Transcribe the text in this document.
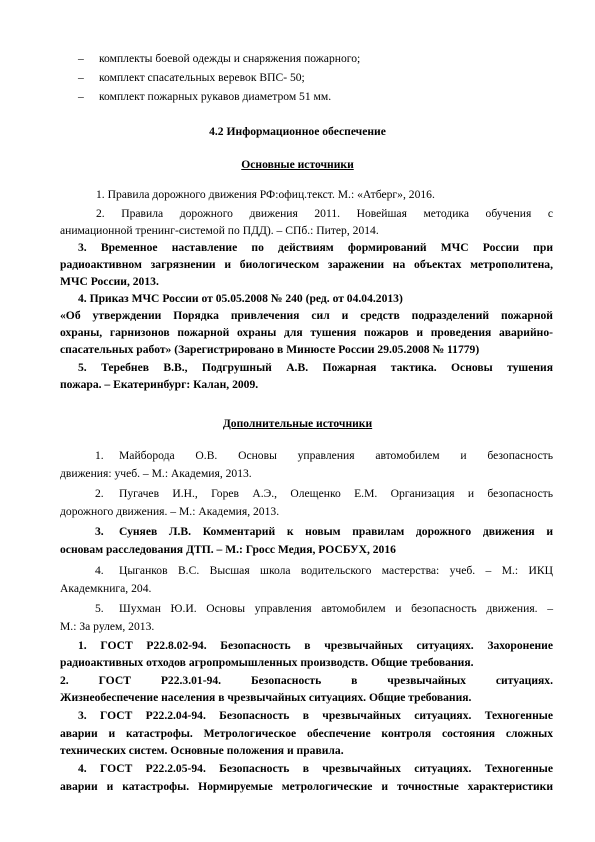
– комплекты боевой одежды и снаряжения пожарного;
– комплект спасательных веревок ВПС- 50;
– комплект пожарных рукавов диаметром 51 мм.
4.2 Информационное обеспечение
Основные источники
1. Правила дорожного движения РФ:офиц.текст. М.: «Атберг», 2016.
2. Правила дорожного движения 2011. Новейшая методика обучения с
анимационной тренинг-системой по ПДД). – СПб.: Питер, 2014.
3. Временное наставление по действиям формирований МЧС России при
радиоактивном загрязнении и биологическом заражении на объектах метрополитена,
МЧС России, 2013.
4. Приказ МЧС России от 05.05.2008 № 240 (ред. от 04.04.2013)
«Об утверждении Порядка привлечения сил и средств подразделений пожарной
охраны, гарнизонов пожарной охраны для тушения пожаров и проведения аварийно-
спасательных работ» (Зарегистрировано в Минюсте России 29.05.2008 № 11779)
5. Теребнев В.В., Подгрушный А.В. Пожарная тактика. Основы тушения
пожара. – Екатеринбург: Калан, 2009.
Дополнительные источники
1. Майборода О.В. Основы управления автомобилем и безопасность
движения: учеб. – М.: Академия, 2013.
2. Пугачев И.Н., Горев А.Э., Олещенко Е.М. Организация и безопасность
дорожного движения. – М.: Академия, 2013.
3. Суняев Л.В. Комментарий к новым правилам дорожного движения и
основам расследования ДТП. – М.: Гросс Медия, РОСБУХ, 2016
4. Цыганков В.С. Высшая школа водительского мастерства: учеб. – М.: ИКЦ
Академкнига, 204.
5. Шухман Ю.И. Основы управления автомобилем и безопасность движения. –
М.: За рулем, 2013.
1. ГОСТ Р22.8.02-94. Безопасность в чрезвычайных ситуациях. Захоронение
радиоактивных отходов агропромышленных производств. Общие требования.
2. ГОСТ Р22.3.01-94. Безопасность в чрезвычайных ситуациях.
Жизнеобеспечение населения в чрезвычайных ситуациях. Общие требования.
3. ГОСТ Р22.2.04-94. Безопасность в чрезвычайных ситуациях. Техногенные
аварии и катастрофы. Метрологическое обеспечение контроля состояния сложных
технических систем. Основные положения и правила.
4. ГОСТ Р22.2.05-94. Безопасность в чрезвычайных ситуациях. Техногенные
аварии и катастрофы. Нормируемые метрологические и точностные характеристики
